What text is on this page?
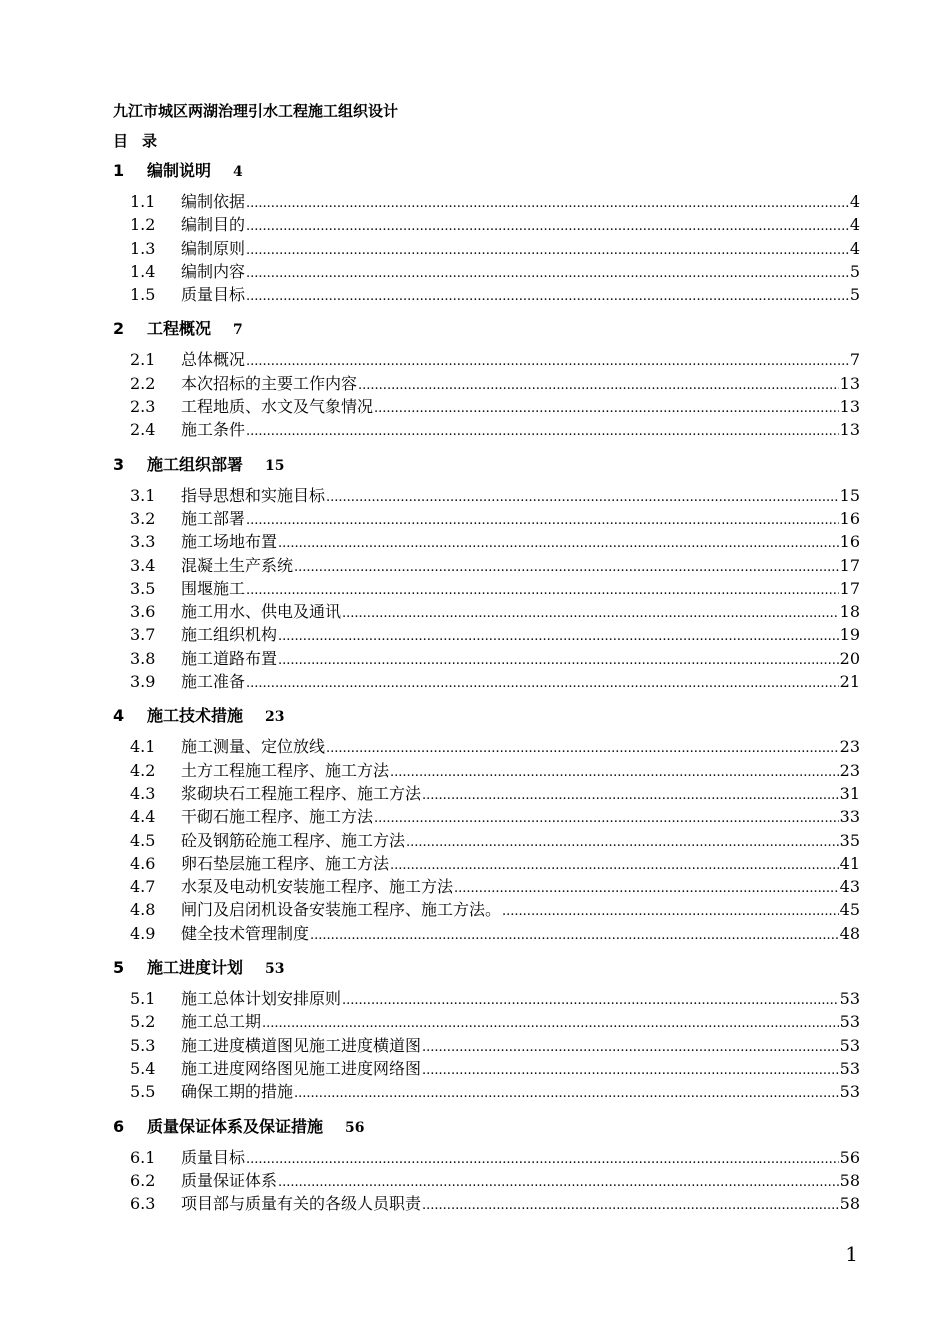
九江市城区两湖治理引水工程施工组织设计
目 录
1 编制说明 4
1.1	编制依据 .....	4
1.2	编制目的 .....	4
1.3	编制原则 .....	4
1.4	编制内容 .....	5
1.5	质量目标 .....	5
2 工程概况 7
2.1	总体概况 .....	7
2.2	本次招标的主要工作内容 .....	13
2.3	工程地质、水文及气象情况 .....	13
2.4	施工条件 .....	13
3 施工组织部署 15
3.1	指导思想和实施目标 .....	15
3.2	施工部署 .....	16
3.3	施工场地布置 .....	16
3.4	混凝土生产系统 .....	17
3.5	围堰施工 .....	17
3.6	施工用水、供电及通讯 .....	18
3.7	施工组织机构 .....	19
3.8	施工道路布置 .....	20
3.9	施工准备 .....	21
4 施工技术措施 23
4.1	施工测量、定位放线 .....	23
4.2	土方工程施工程序、施工方法 .....	23
4.3	浆砌块石工程施工程序、施工方法 .....	31
4.4	干砌石施工程序、施工方法 .....	33
4.5	砼及钢筋砼施工程序、施工方法 .....	35
4.6	卵石垫层施工程序、施工方法 .....	41
4.7	水泵及电动机安装施工程序、施工方法 .....	43
4.8	闸门及启闭机设备安装施工程序、施工方法。 .....	45
4.9	健全技术管理制度 .....	48
5 施工进度计划 53
5.1	施工总体计划安排原则 .....	53
5.2	施工总工期 .....	53
5.3	施工进度横道图见施工进度横道图 .....	53
5.4	施工进度网络图见施工进度网络图 .....	53
5.5	确保工期的措施 .....	53
6 质量保证体系及保证措施 56
6.1	质量目标 .....	56
6.2	质量保证体系 .....	58
6.3	项目部与质量有关的各级人员职责 .....	58
1
